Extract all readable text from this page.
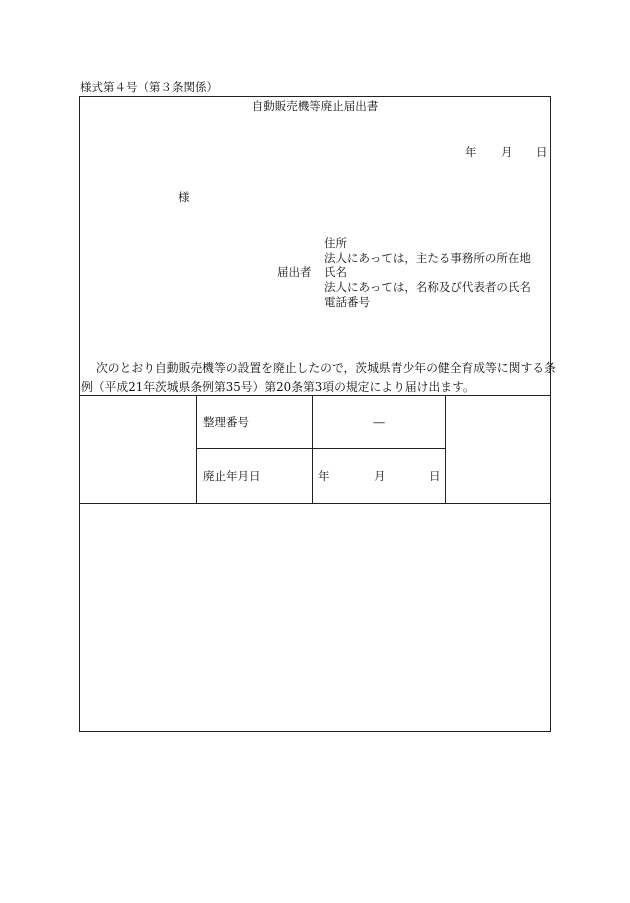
様式第４号（第３条関係）
自動販売機等廃止届出書
年 月 日
様
届出者
住所
法人にあっては，主たる事務所の所在地
氏名
法人にあっては，名称及び代表者の氏名
電話番号
次のとおり自動販売機等の設置を廃止したので，茨城県青少年の健全育成等に関する条
例（平成21年茨城県条例第35号）第20条第3項の規定により届け出ます。
整理番号	―
廃止年月日	年	月	日
